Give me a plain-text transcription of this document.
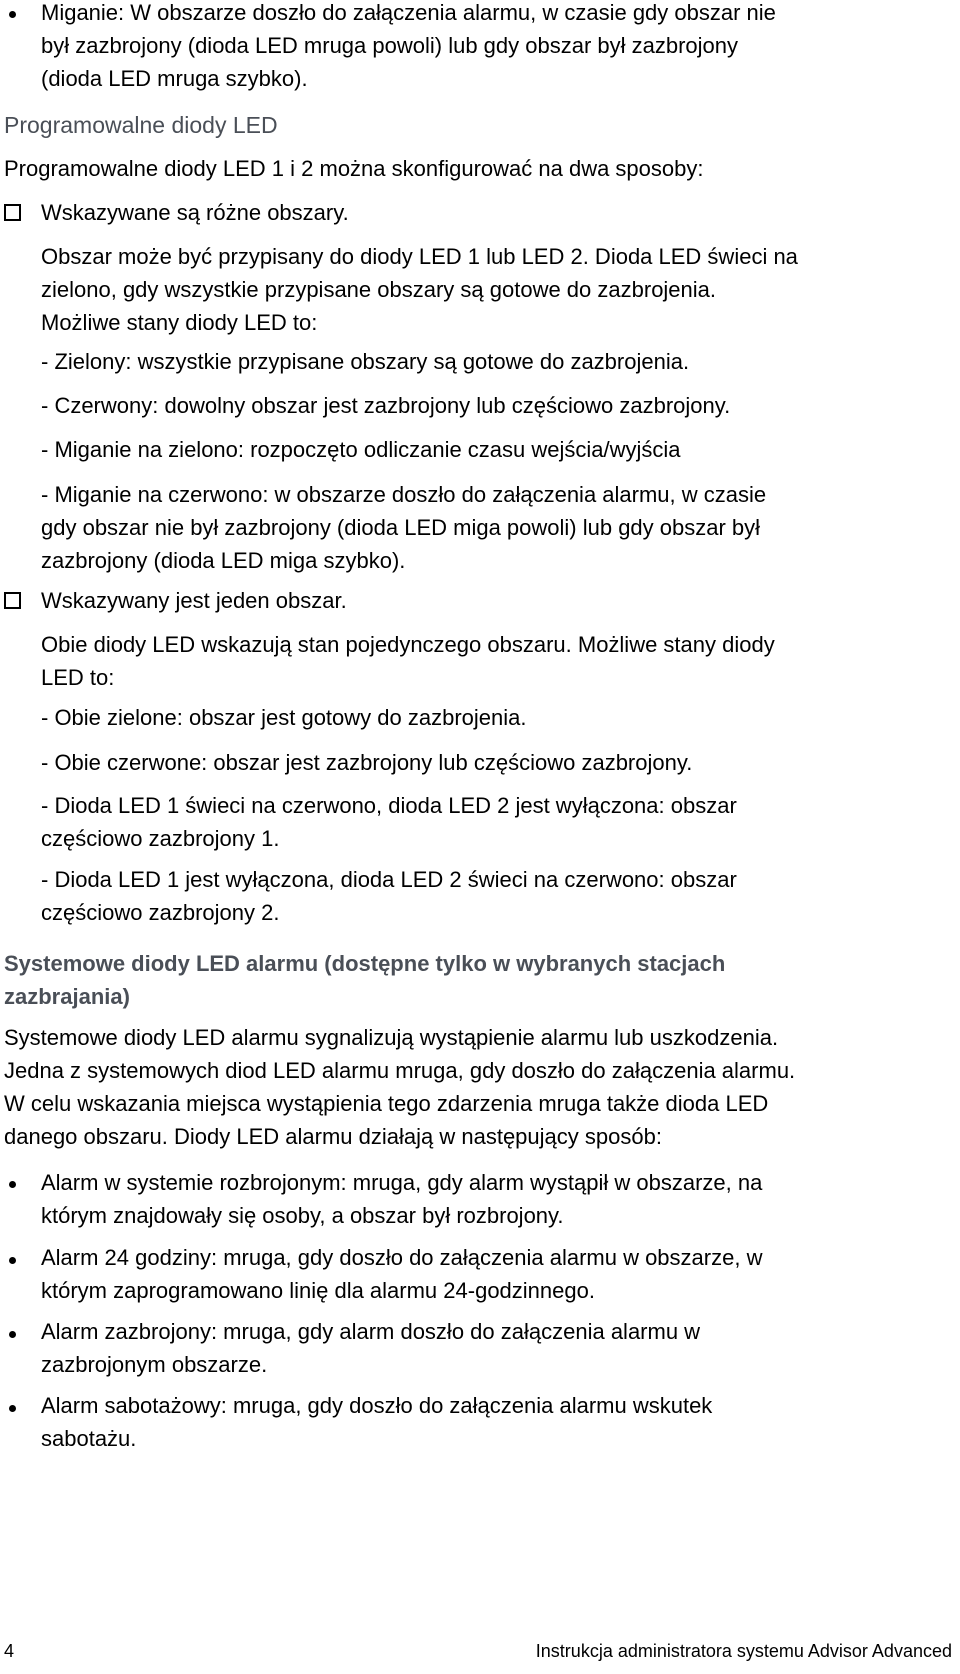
Miganie: W obszarze doszło do załączenia alarmu, w czasie gdy obszar nie
był zazbrojony (dioda LED mruga powoli) lub gdy obszar był zazbrojony
(dioda LED mruga szybko).
Programowalne diody LED
Programowalne diody LED 1 i 2 można skonfigurować na dwa sposoby:
Wskazywane są różne obszary.
Obszar może być przypisany do diody LED 1 lub LED 2. Dioda LED świeci na
zielono, gdy wszystkie przypisane obszary są gotowe do zazbrojenia.
Możliwe stany diody LED to:
- Zielony: wszystkie przypisane obszary są gotowe do zazbrojenia.
- Czerwony: dowolny obszar jest zazbrojony lub częściowo zazbrojony.
- Miganie na zielono: rozpoczęto odliczanie czasu wejścia/wyjścia
- Miganie na czerwono: w obszarze doszło do załączenia alarmu, w czasie
gdy obszar nie był zazbrojony (dioda LED miga powoli) lub gdy obszar był
zazbrojony (dioda LED miga szybko).
Wskazywany jest jeden obszar.
Obie diody LED wskazują stan pojedynczego obszaru. Możliwe stany diody
LED to:
- Obie zielone: obszar jest gotowy do zazbrojenia.
- Obie czerwone: obszar jest zazbrojony lub częściowo zazbrojony.
- Dioda LED 1 świeci na czerwono, dioda LED 2 jest wyłączona: obszar
częściowo zazbrojony 1.
- Dioda LED 1 jest wyłączona, dioda LED 2 świeci na czerwono: obszar
częściowo zazbrojony 2.
Systemowe diody LED alarmu (dostępne tylko w wybranych stacjach
zazbrajania)
Systemowe diody LED alarmu sygnalizują wystąpienie alarmu lub uszkodzenia.
Jedna z systemowych diod LED alarmu mruga, gdy doszło do załączenia alarmu.
W celu wskazania miejsca wystąpienia tego zdarzenia mruga także dioda LED
danego obszaru. Diody LED alarmu działają w następujący sposób:
Alarm w systemie rozbrojonym: mruga, gdy alarm wystąpił w obszarze, na
którym znajdowały się osoby, a obszar był rozbrojony.
Alarm 24 godziny: mruga, gdy doszło do załączenia alarmu w obszarze, w
którym zaprogramowano linię dla alarmu 24-godzinnego.
Alarm zazbrojony: mruga, gdy alarm doszło do załączenia alarmu w
zazbrojonym obszarze.
Alarm sabotażowy: mruga, gdy doszło do załączenia alarmu wskutek
sabotażu.
4	Instrukcja administratora systemu Advisor Advanced
